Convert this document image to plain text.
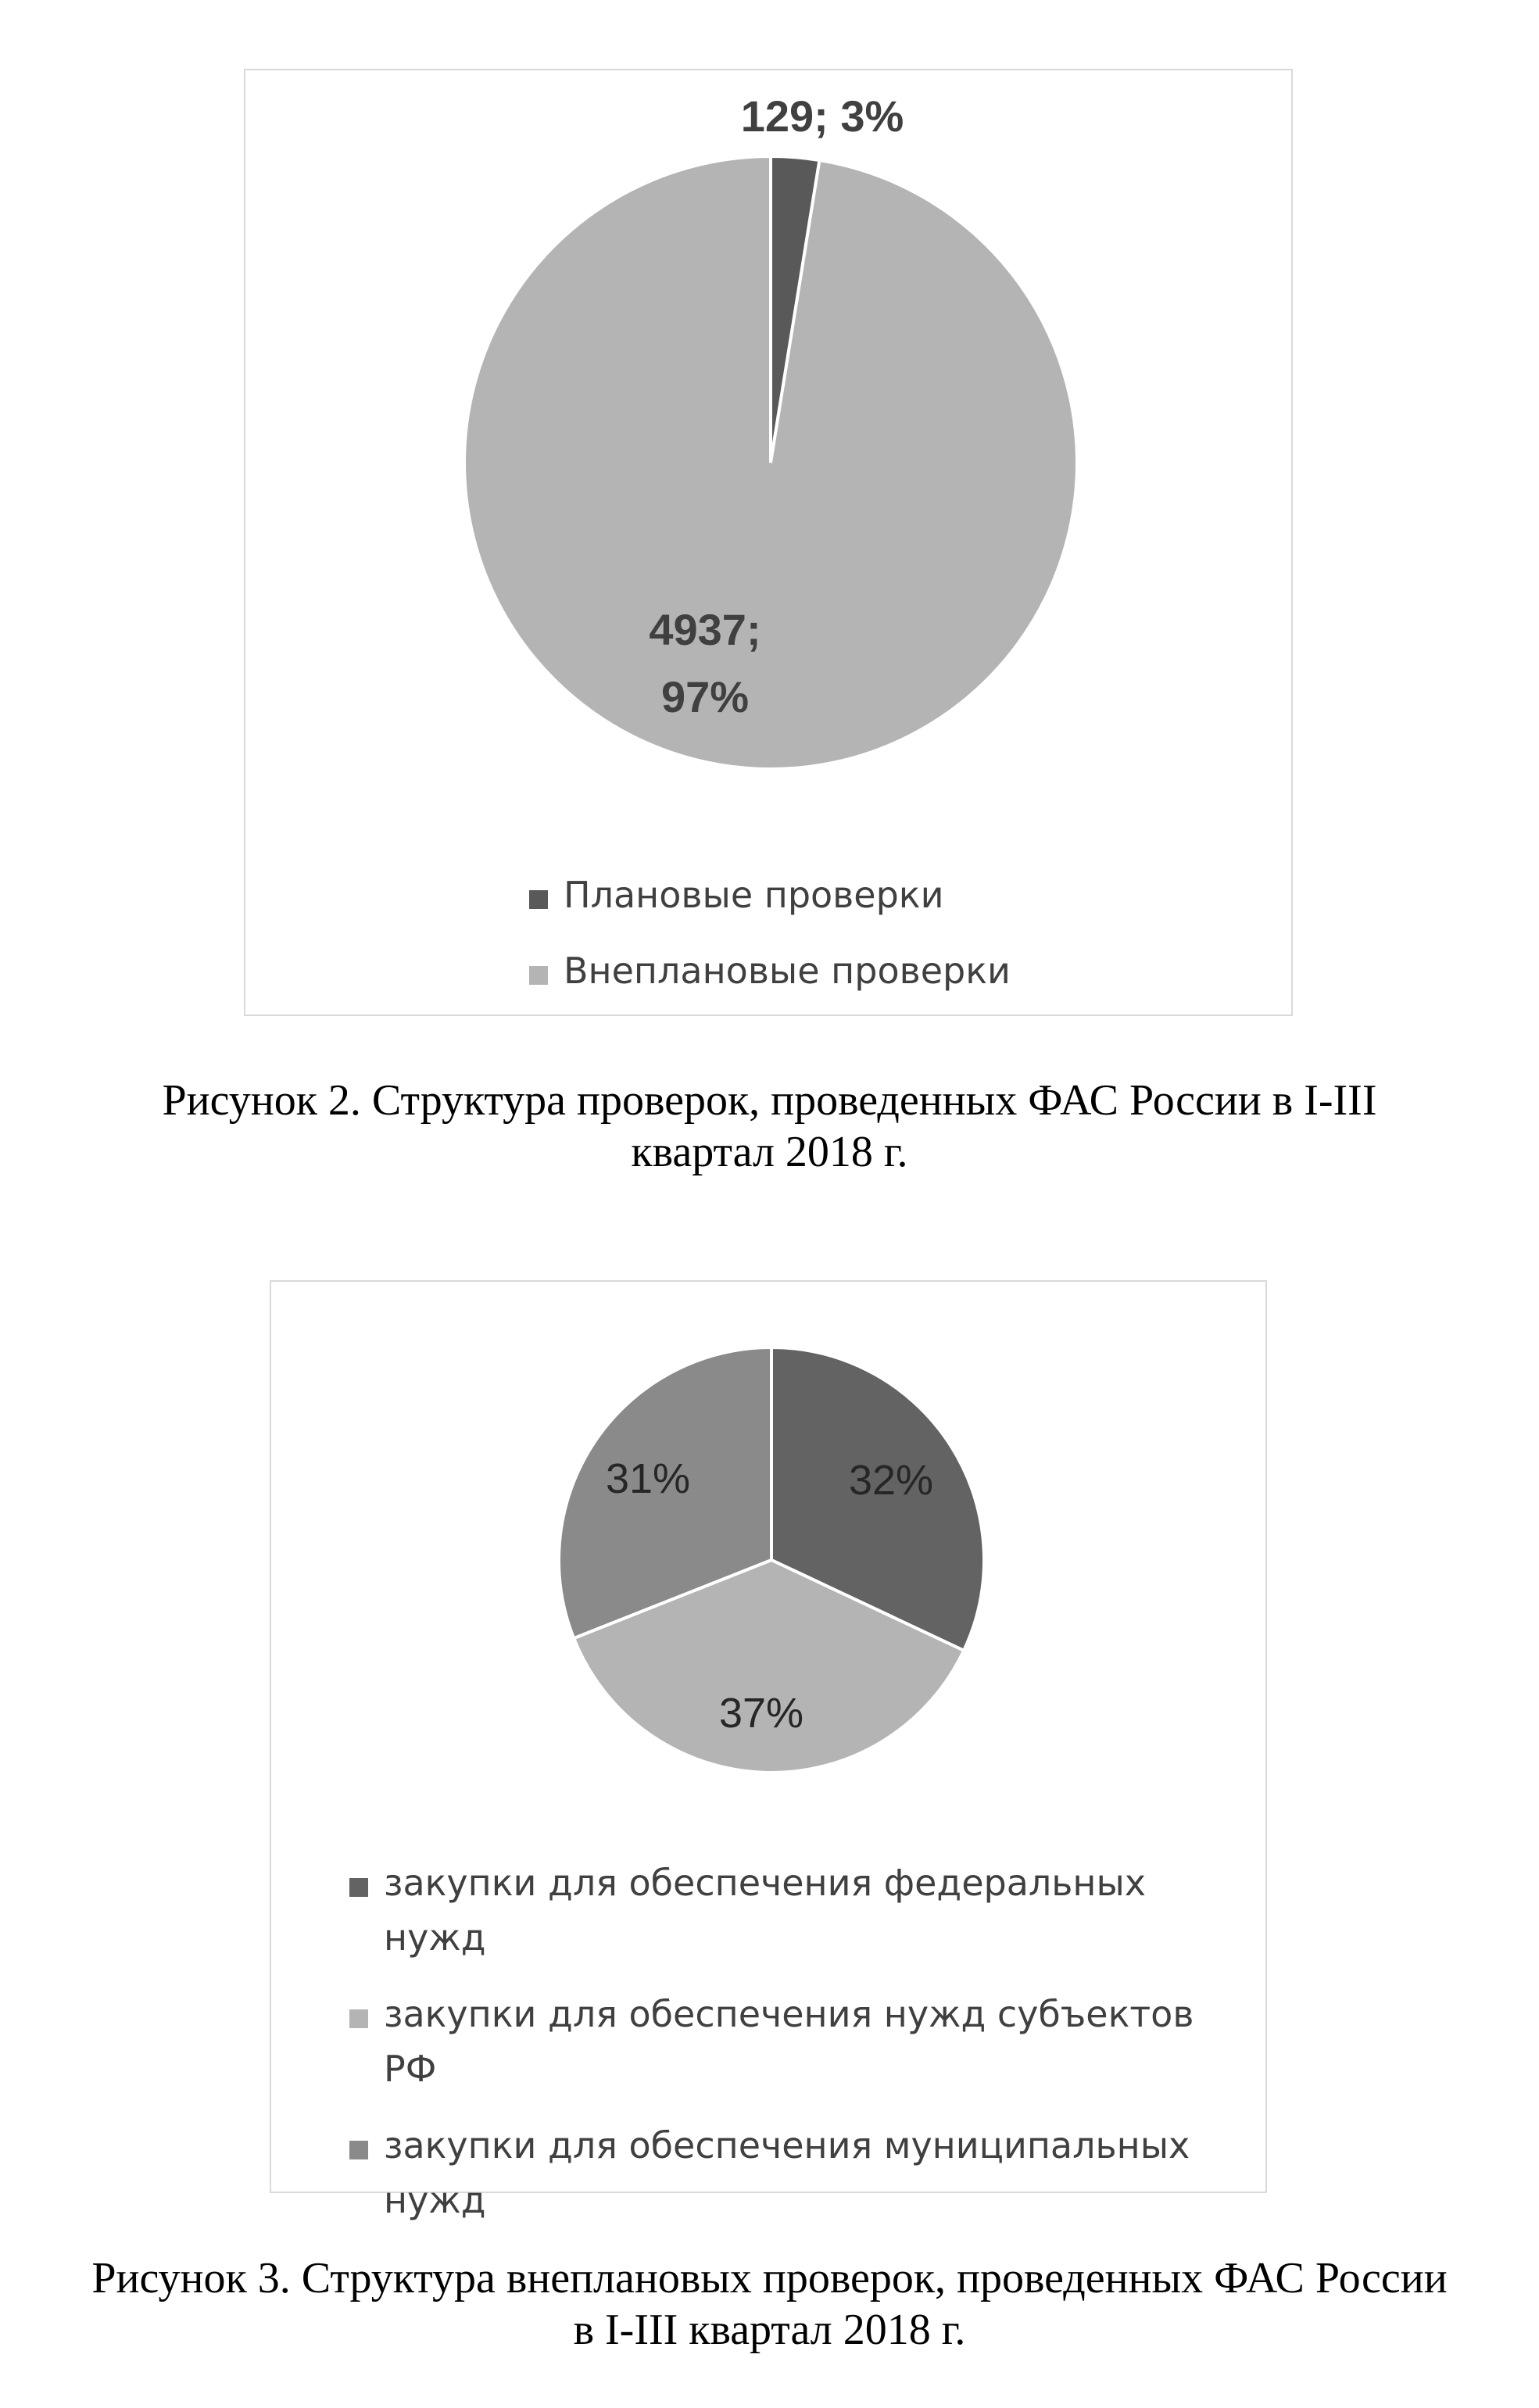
129; 3%
4937; 97%
Плановые проверки
Внеплановые проверки
Рисунок 2. Структура проверок, проведенных ФАС России в I-III
квартал 2018 г.
32%
37%
31%
закупки для обеспечения федеральных нужд
закупки для обеспечения нужд субъектов РФ
закупки для обеспечения муниципальных нужд
Рисунок 3. Структура внеплановых проверок, проведенных ФАС России
в I-III квартал 2018 г.
